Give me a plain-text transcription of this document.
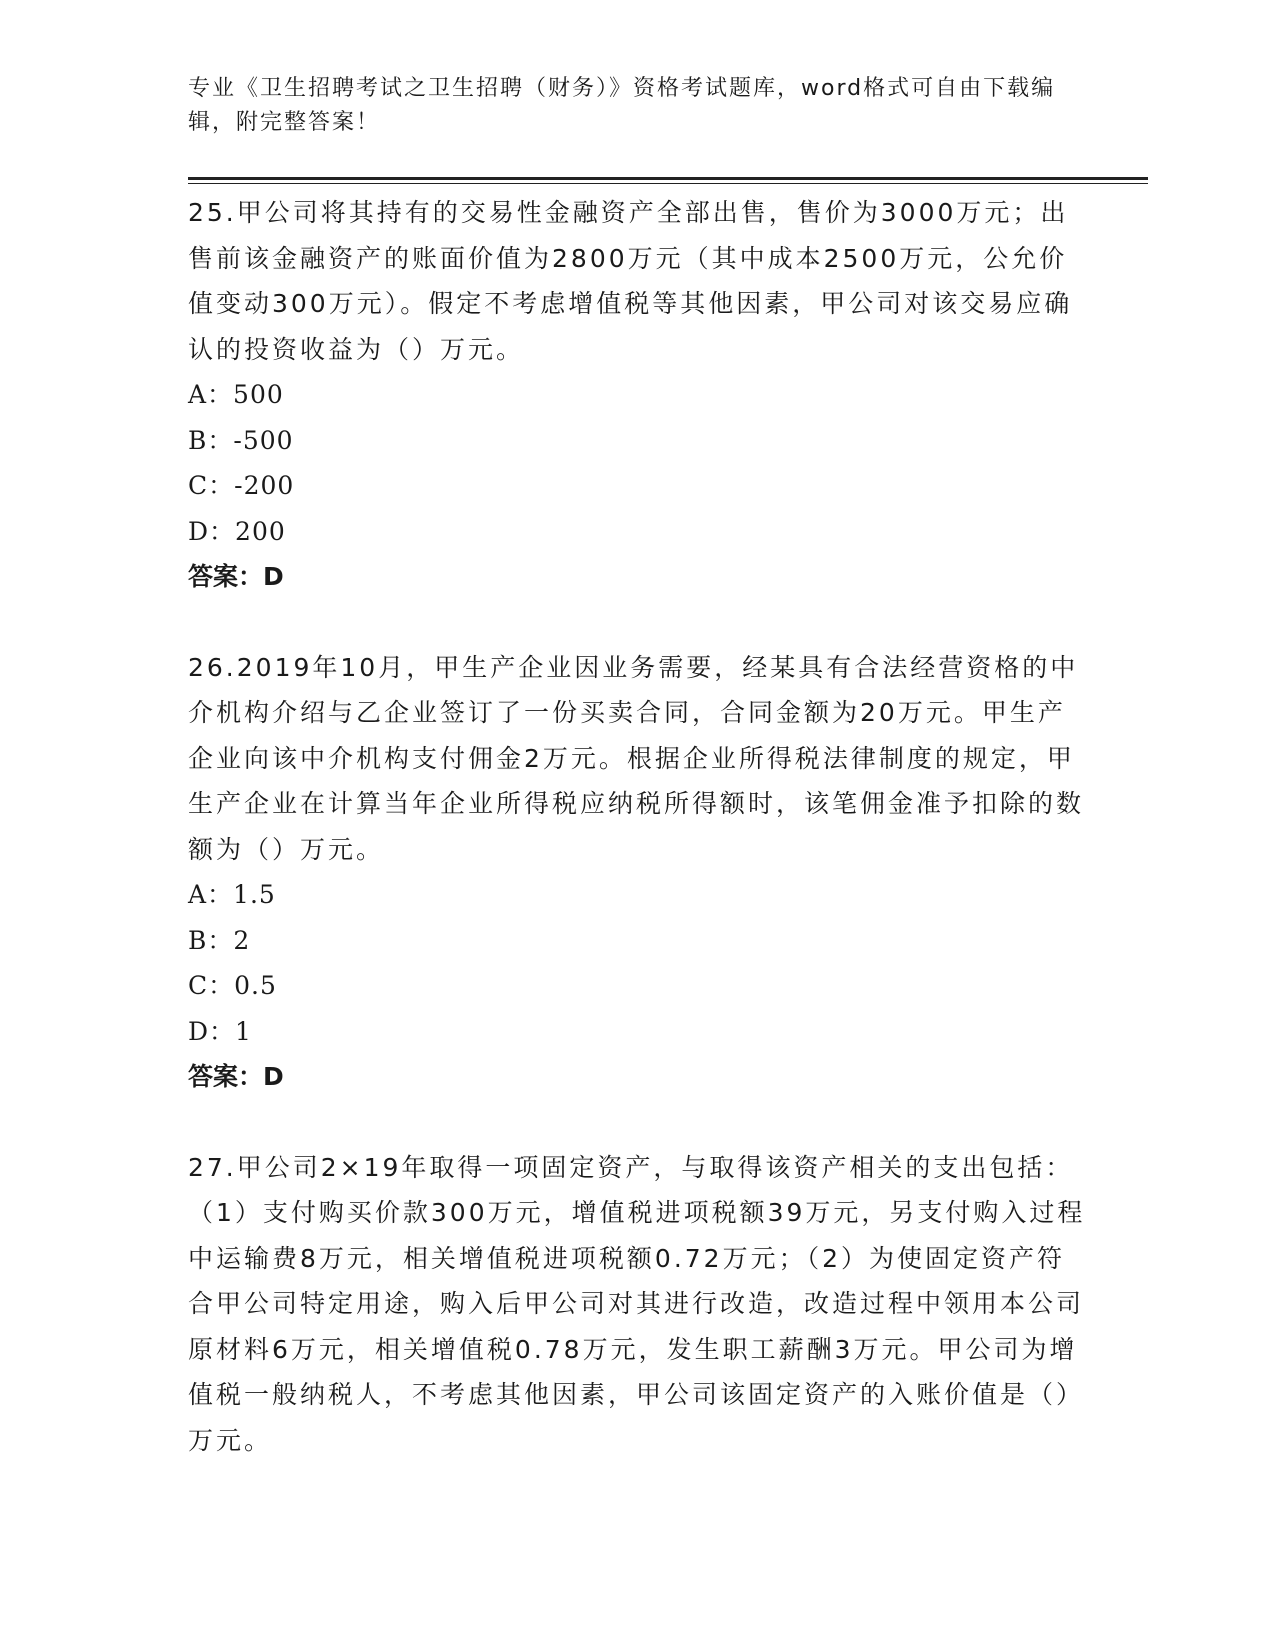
专业《卫生招聘考试之卫生招聘（财务）》资格考试题库，word格式可自由下载编辑，附完整答案！

25.甲公司将其持有的交易性金融资产全部出售，售价为3000万元；出售前该金融资产的账面价值为2800万元（其中成本2500万元，公允价值变动300万元）。假定不考虑增值税等其他因素，甲公司对该交易应确认的投资收益为（）万元。

A：500

B：-500

C：-200

D：200

答案：D

26.2019年10月，甲生产企业因业务需要，经某具有合法经营资格的中介机构介绍与乙企业签订了一份买卖合同，合同金额为20万元。甲生产企业向该中介机构支付佣金2万元。根据企业所得税法律制度的规定，甲生产企业在计算当年企业所得税应纳税所得额时，该笔佣金准予扣除的数额为（）万元。

A：1.5

B：2

C：0.5

D：1

答案：D

27.甲公司2×19年取得一项固定资产，与取得该资产相关的支出包括：（1）支付购买价款300万元，增值税进项税额39万元，另支付购入过程中运输费8万元，相关增值税进项税额0.72万元；（2）为使固定资产符合甲公司特定用途，购入后甲公司对其进行改造，改造过程中领用本公司原材料6万元，相关增值税0.78万元，发生职工薪酬3万元。甲公司为增值税一般纳税人，不考虑其他因素，甲公司该固定资产的入账价值是（）万元。
